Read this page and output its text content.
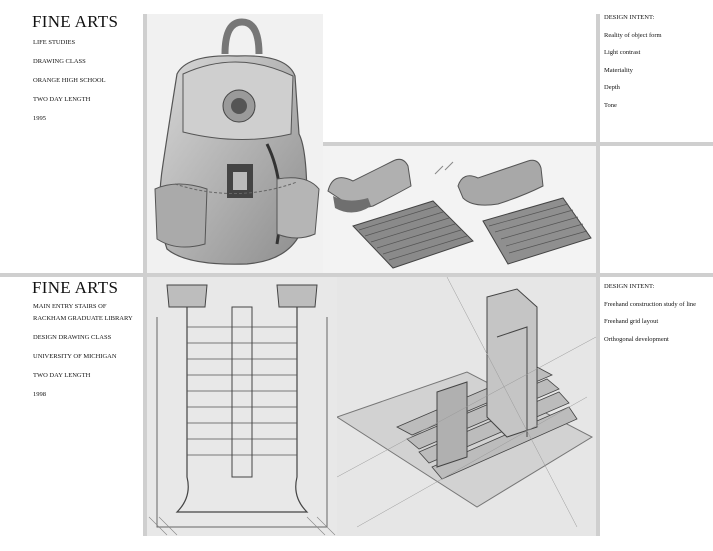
FINE ARTS
LIFE STUDIES
DRAWING CLASS
ORANGE HIGH SCHOOL
TWO DAY LENGTH
1995
DESIGN INTENT:
Reality of object form
Light contrast
Materiality
Depth
Tone
FINE ARTS
MAIN ENTRY STAIRS OF
RACKHAM GRADUATE LIBRARY
DESIGN DRAWING CLASS
UNIVERSITY OF MICHIGAN
TWO DAY LENGTH
1998
DESIGN INTENT:
Freehand construction study of line
Freehand grid layout
Orthogonal development
